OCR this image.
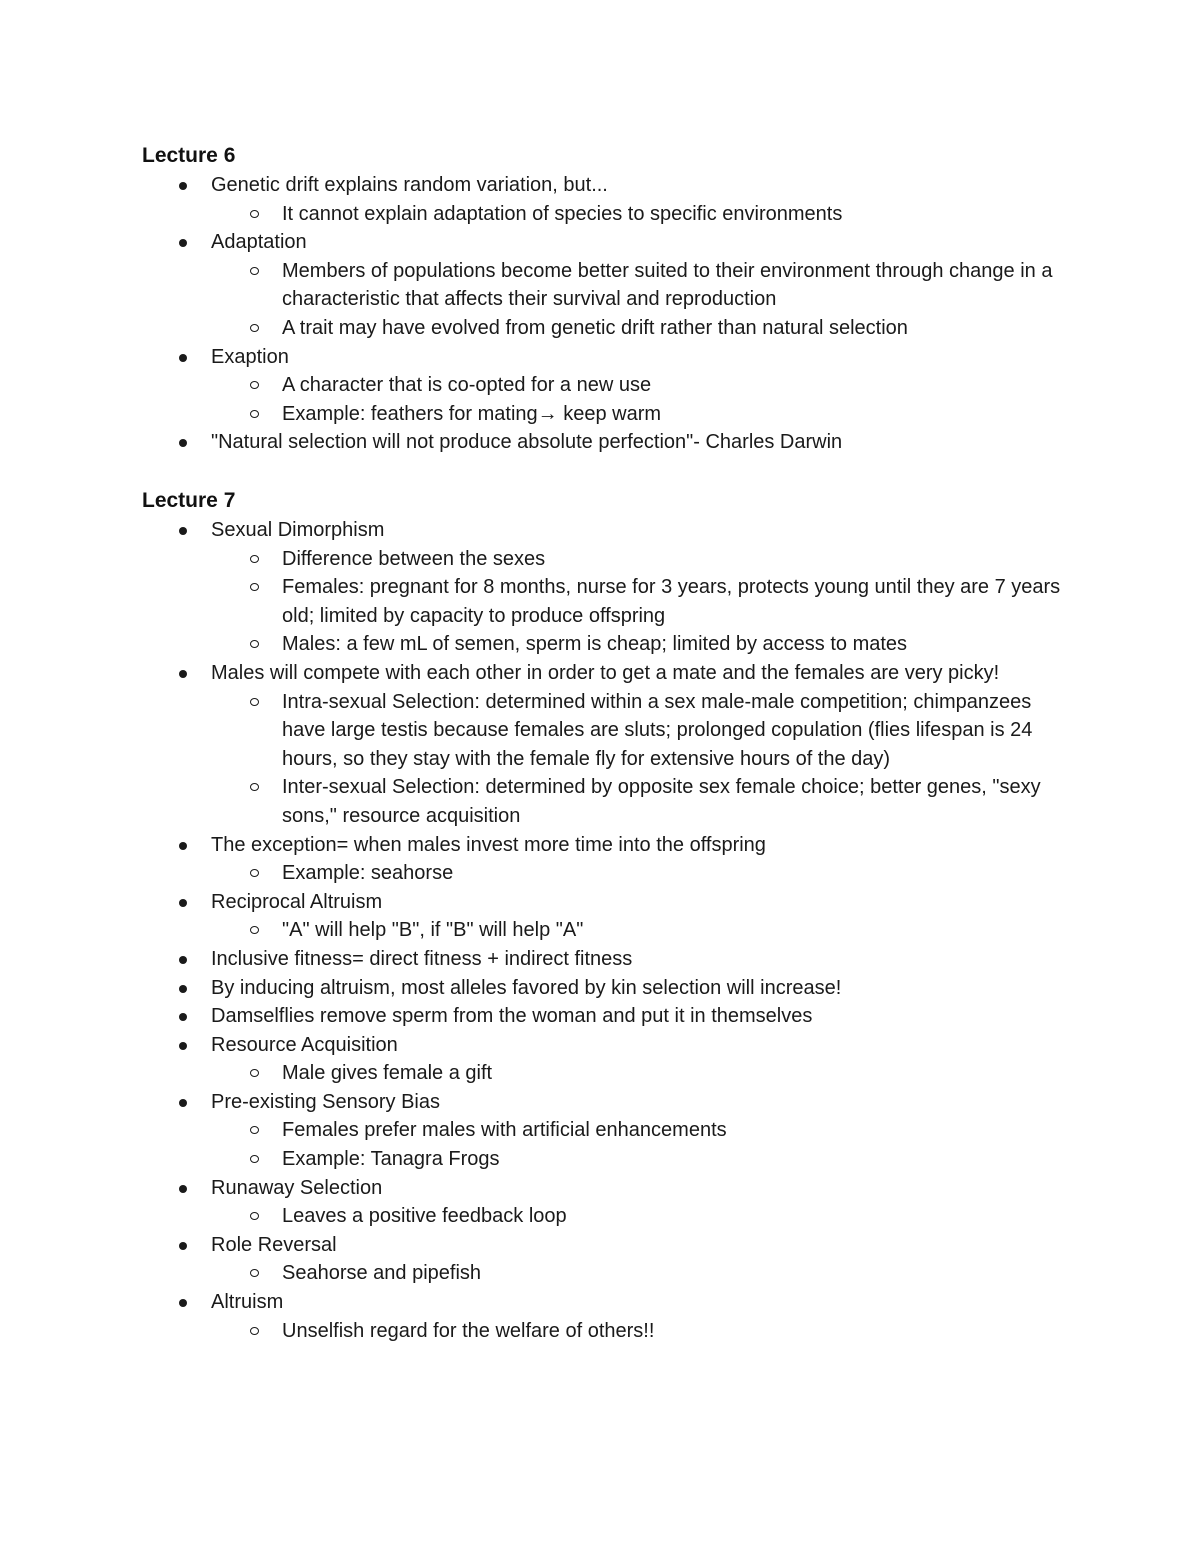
Lecture 6
Genetic drift explains random variation, but...
It cannot explain adaptation of species to specific environments
Adaptation
Members of populations become better suited to their environment through change in a characteristic that affects their survival and reproduction
A trait may have evolved from genetic drift rather than natural selection
Exaption
A character that is co-opted for a new use
Example: feathers for mating→ keep warm
"Natural selection will not produce absolute perfection"- Charles Darwin
Lecture 7
Sexual Dimorphism
Difference between the sexes
Females: pregnant for 8 months, nurse for 3 years, protects young until they are 7 years old; limited by capacity to produce offspring
Males: a few mL of semen, sperm is cheap; limited by access to mates
Males will compete with each other in order to get a mate and the females are very picky!
Intra-sexual Selection: determined within a sex male-male competition; chimpanzees have large testis because females are sluts; prolonged copulation (flies lifespan is 24 hours, so they stay with the female fly for extensive hours of the day)
Inter-sexual Selection: determined by opposite sex female choice; better genes, "sexy sons," resource acquisition
The exception= when males invest more time into the offspring
Example: seahorse
Reciprocal Altruism
"A" will help "B", if "B" will help "A"
Inclusive fitness= direct fitness + indirect fitness
By inducing altruism, most alleles favored by kin selection will increase!
Damselflies remove sperm from the woman and put it in themselves
Resource Acquisition
Male gives female a gift
Pre-existing Sensory Bias
Females prefer males with artificial enhancements
Example: Tanagra Frogs
Runaway Selection
Leaves a positive feedback loop
Role Reversal
Seahorse and pipefish
Altruism
Unselfish regard for the welfare of others!!
